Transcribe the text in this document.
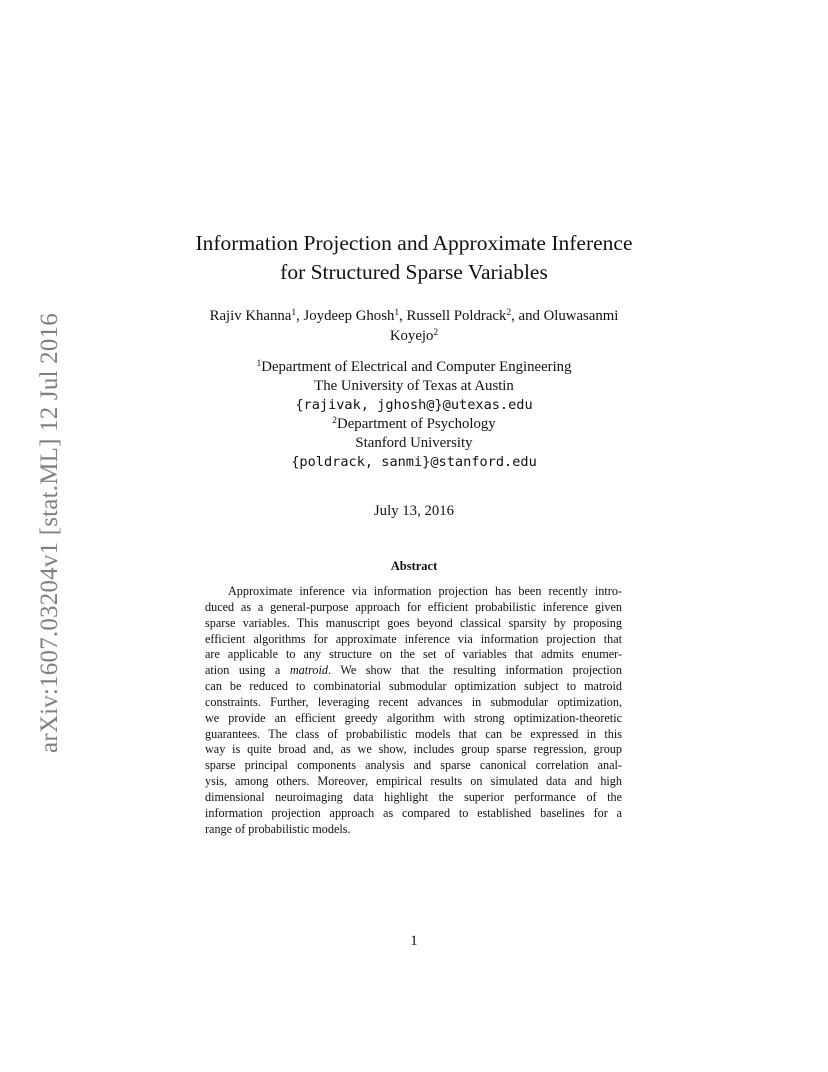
arXiv:1607.03204v1 [stat.ML] 12 Jul 2016
Information Projection and Approximate Inference
for Structured Sparse Variables
Rajiv Khanna$^1$, Joydeep Ghosh$^1$, Russell Poldrack$^2$, and Oluwasanmi
Koyejo$^2$
$^1$Department of Electrical and Computer Engineering
The University of Texas at Austin
{rajivak, jghosh@}@utexas.edu
$^2$Department of Psychology
Stanford University
{poldrack, sanmi}@stanford.edu
July 13, 2016
Abstract
Approximate inference via information projection has been recently intro-
duced as a general-purpose approach for efficient probabilistic inference given
sparse variables. This manuscript goes beyond classical sparsity by proposing
efficient algorithms for approximate inference via information projection that
are applicable to any structure on the set of variables that admits enumer-
ation using a matroid. We show that the resulting information projection
can be reduced to combinatorial submodular optimization subject to matroid
constraints. Further, leveraging recent advances in submodular optimization,
we provide an efficient greedy algorithm with strong optimization-theoretic
guarantees. The class of probabilistic models that can be expressed in this
way is quite broad and, as we show, includes group sparse regression, group
sparse principal components analysis and sparse canonical correlation anal-
ysis, among others. Moreover, empirical results on simulated data and high
dimensional neuroimaging data highlight the superior performance of the
information projection approach as compared to established baselines for a
range of probabilistic models.
1
